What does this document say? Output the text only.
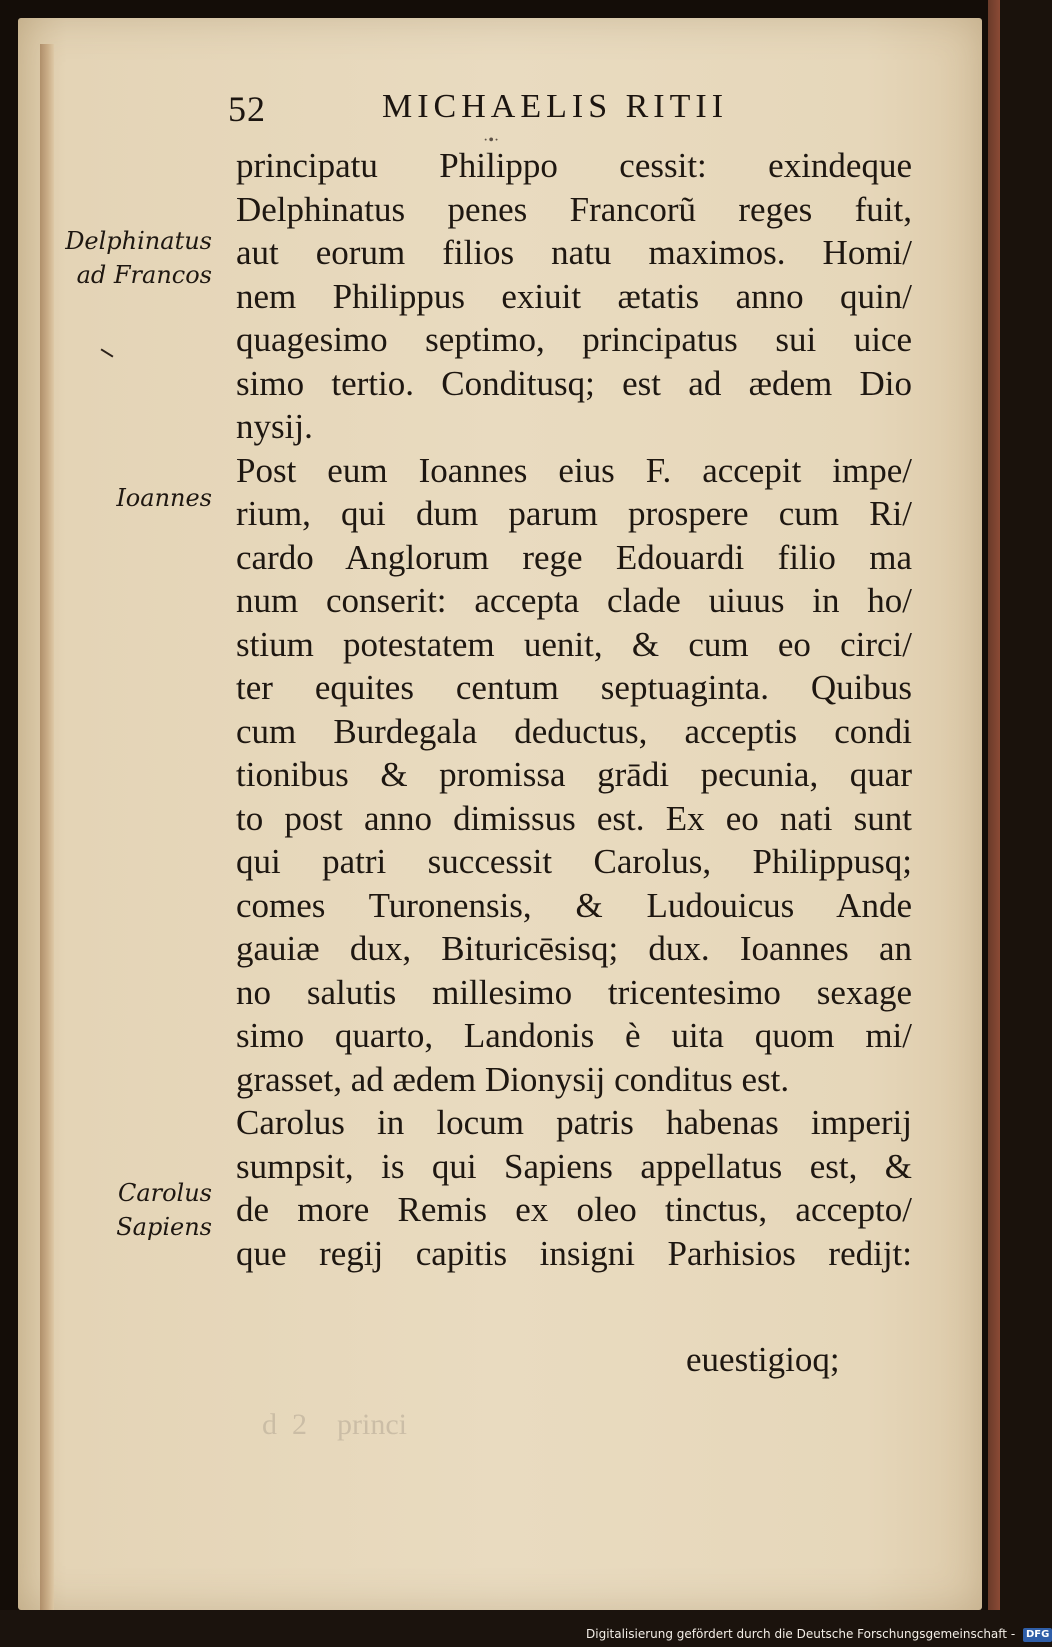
52	MICHAELIS RITII
·•·
Delphinatus
ad Francos
Ioannes
Carolus
Sapiens
principatu Philippo cessit: exindeque
Delphinatus penes Francorũ reges fuit,
aut eorum filios natu maximos. Homi/
nem Philippus exiuit ætatis anno quin/
quagesimo septimo, principatus sui uice
simo tertio. Conditusq; est ad ædem Dio
nysij.
Post eum Ioannes eius F. accepit impe/
rium, qui dum parum prospere cum Ri/
cardo Anglorum rege Edouardi filio ma
num conserit: accepta clade uiuus in ho/
stium potestatem uenit, & cum eo circi/
ter equites centum septuaginta. Quibus
cum Burdegala deductus, acceptis condi
tionibus & promissa grādi pecunia, quar
to post anno dimissus est. Ex eo nati sunt
qui patri successit Carolus, Philippusq;
comes Turonensis, & Ludouicus Ande
gauiæ dux, Bituricēsisq; dux. Ioannes an
no salutis millesimo tricentesimo sexage
simo quarto, Landonis è uita quom mi/
grasset, ad ædem Dionysij conditus est.
Carolus in locum patris habenas imperij
sumpsit, is qui Sapiens appellatus est, &
de more Remis ex oleo tinctus, accepto/
que regij capitis insigni Parhisios redijt:
euestigioq;
d  2    princi
Digitalisierung gefördert durch die Deutsche Forschungsgemeinschaft - DFG
